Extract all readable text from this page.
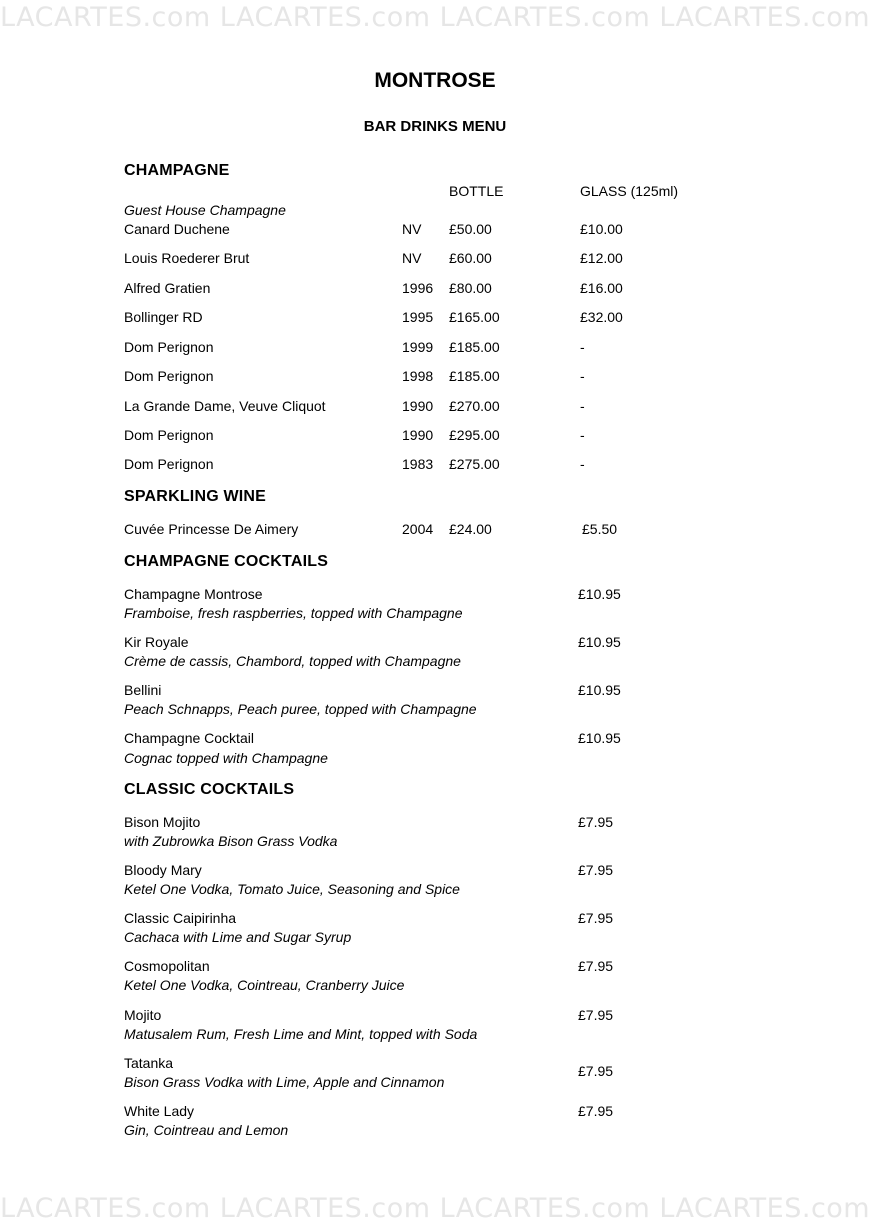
LACARTES.com LACARTES.com LACARTES.com LACARTES.com
MONTROSE
BAR DRINKS MENU
CHAMPAGNE
BOTTLE	GLASS (125ml)
Guest House Champagne
Canard Duchene	NV £50.00	£10.00
Louis Roederer Brut	NV £60.00	£12.00
Alfred Gratien	1996 £80.00	£16.00
Bollinger RD	1995 £165.00	£32.00
Dom Perignon	1999 £185.00	-
Dom Perignon	1998 £185.00	-
La Grande Dame, Veuve Cliquot	1990 £270.00	-
Dom Perignon	1990 £295.00	-
Dom Perignon	1983 £275.00	-
SPARKLING WINE
Cuvée Princesse De Aimery	2004 £24.00	£5.50
CHAMPAGNE COCKTAILS
Champagne Montrose
Framboise, fresh raspberries, topped with Champagne
£10.95
Kir Royale
Crème de cassis, Chambord, topped with Champagne
£10.95
Bellini
Peach Schnapps, Peach puree, topped with Champagne
£10.95
Champagne Cocktail
Cognac topped with Champagne
£10.95
CLASSIC COCKTAILS
Bison Mojito
with Zubrowka Bison Grass Vodka
£7.95
Bloody Mary
Ketel One Vodka, Tomato Juice, Seasoning and Spice
£7.95
Classic Caipirinha
Cachaca with Lime and Sugar Syrup
£7.95
Cosmopolitan
Ketel One Vodka, Cointreau, Cranberry Juice
£7.95
Mojito
Matusalem Rum, Fresh Lime and Mint, topped with Soda
£7.95
Tatanka
Bison Grass Vodka with Lime, Apple and Cinnamon
£7.95
White Lady
Gin, Cointreau and Lemon
£7.95
LACARTES.com LACARTES.com LACARTES.com LACARTES.com
